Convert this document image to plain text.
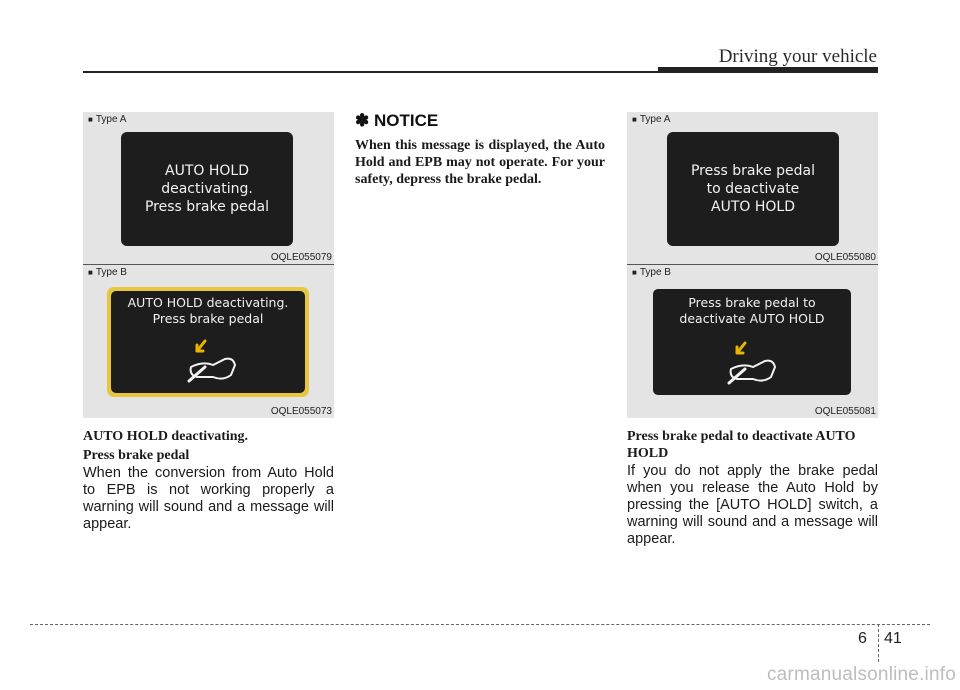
Driving your vehicle
■ Type A
AUTO HOLD
deactivating.
Press brake pedal
OQLE055079
■ Type B
AUTO HOLD deactivating.
Press brake pedal
OQLE055073
AUTO HOLD deactivating.
Press brake pedal
When the conversion from Auto Hold to EPB is not working properly a warning will sound and a message will appear.
✽ NOTICE
When this message is displayed, the Auto Hold and EPB may not operate. For your safety, depress the brake pedal.
■ Type A
Press brake pedal
to deactivate
AUTO HOLD
OQLE055080
■ Type B
Press brake pedal to
deactivate AUTO HOLD
OQLE055081
Press brake pedal to deactivate AUTO HOLD
If you do not apply the brake pedal when you release the Auto Hold by pressing the [AUTO HOLD] switch, a warning will sound and a message will appear.
6 41
carmanualsonline.info
